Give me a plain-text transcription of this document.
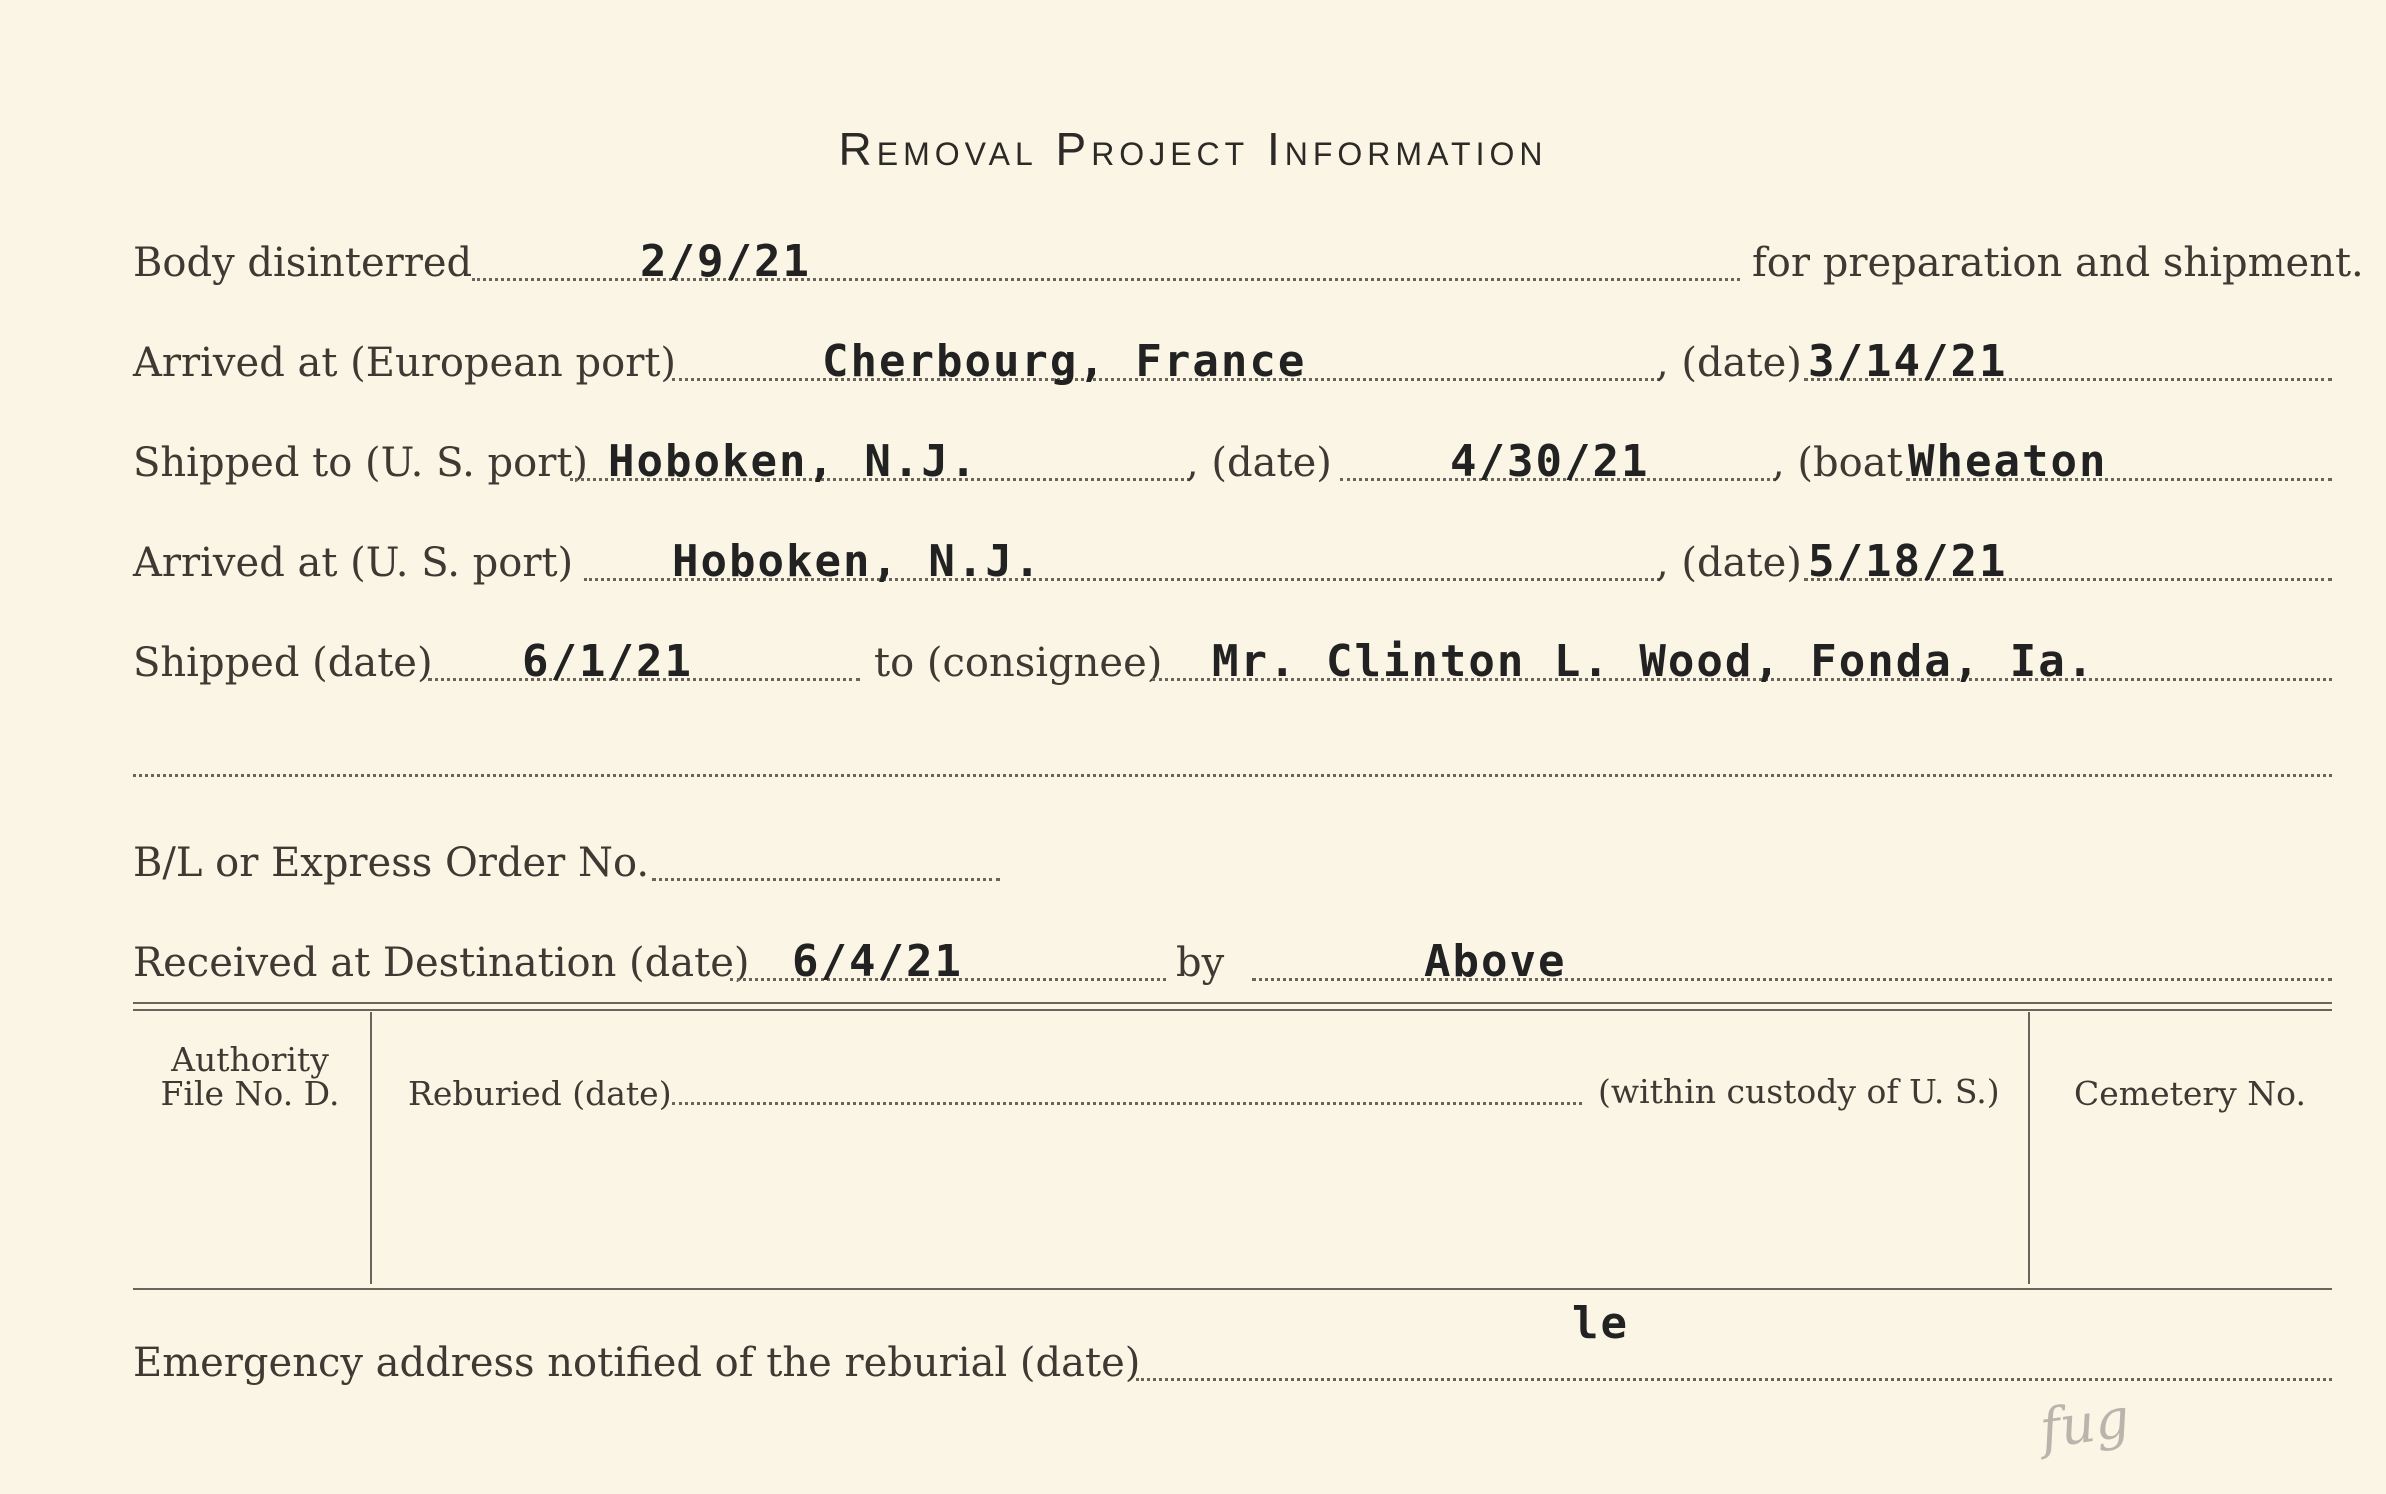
Removal Project Information
Body disinterred	2/9/21	for preparation and shipment.
Arrived at (European port)	Cherbourg, France	, (date) 3/14/21
Shipped to (U. S. port) Hoboken, N.J.	, (date)	4/30/21	, (boat Wheaton
Arrived at (U. S. port) Hoboken, N.J.	, (date) 5/18/21
Shipped (date) 6/1/21	to (consignee) Mr. Clinton L. Wood, Fonda, Ia.
B/L or Express Order No.
Received at Destination (date) 6/4/21	by	Above
Authority
File No. D.	Reburied (date)	(within custody of U. S.) Cemetery No.
le
Emergency address notified of the reburial (date)
fug
